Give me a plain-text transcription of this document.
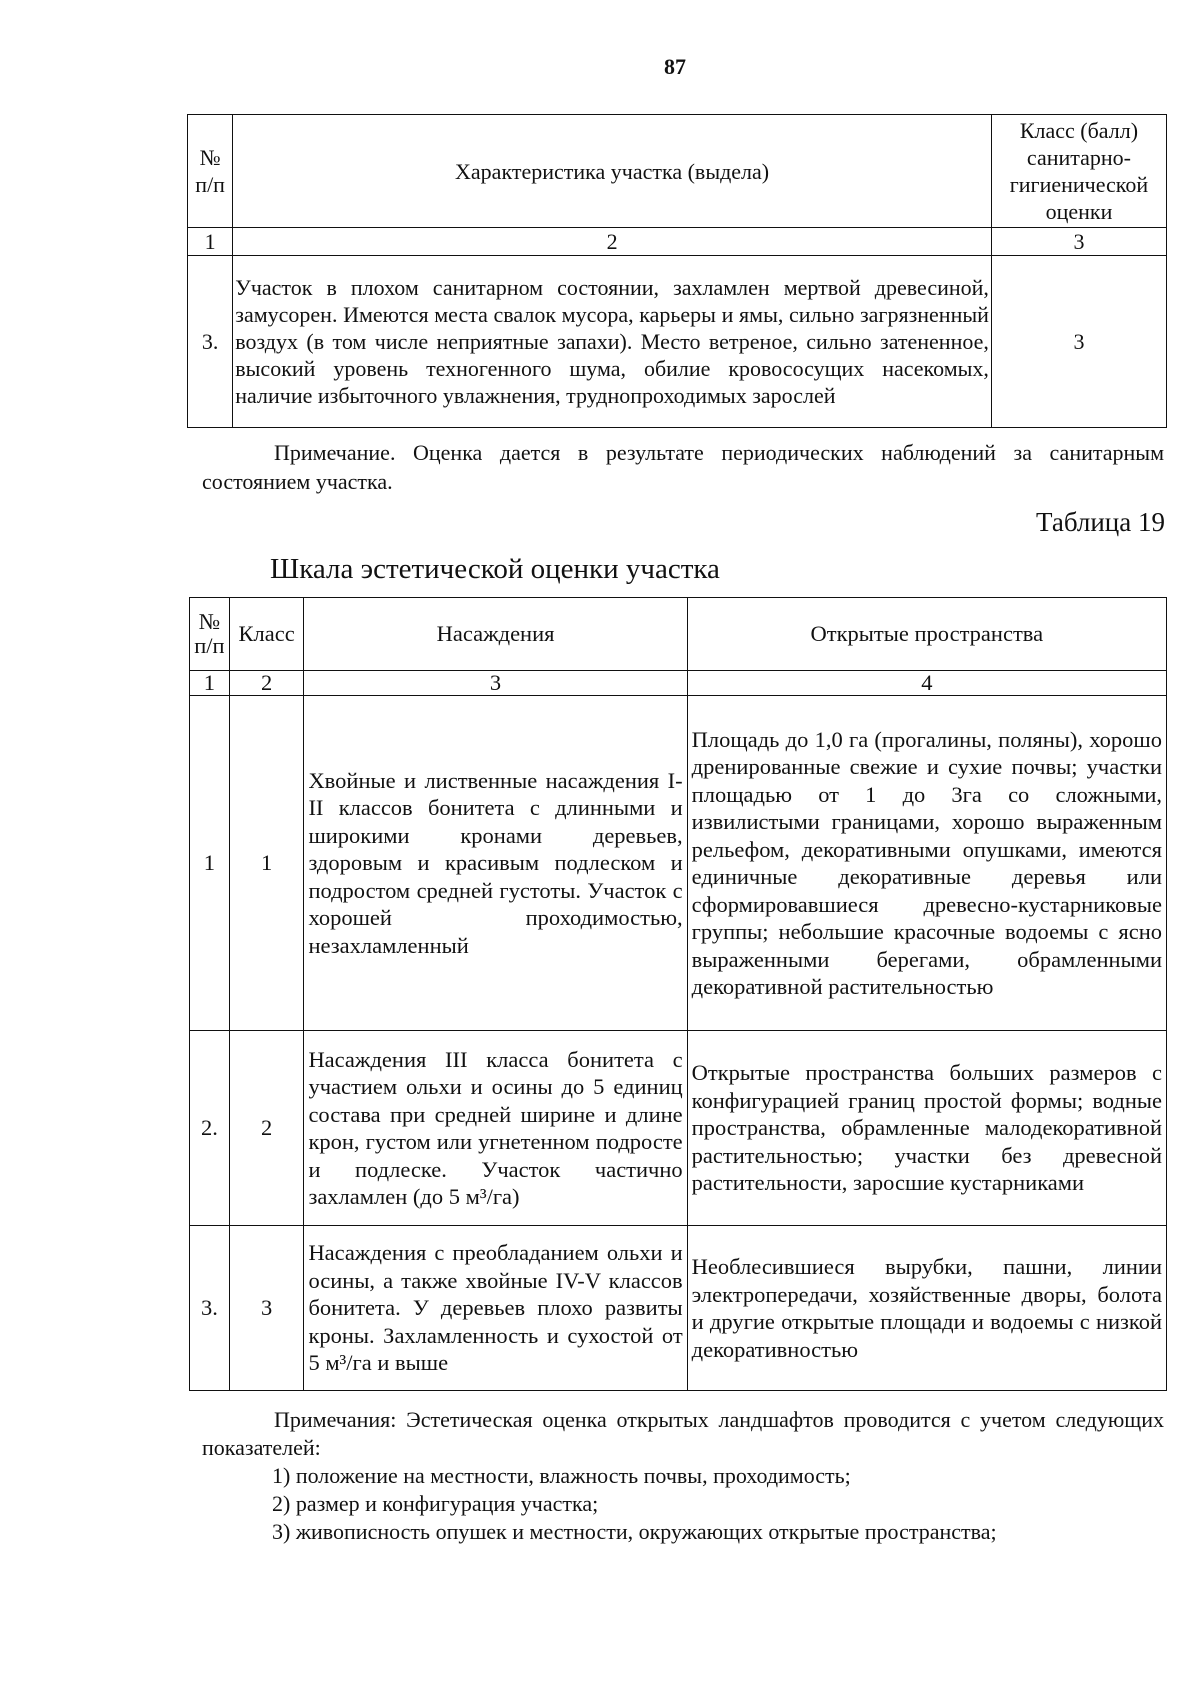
87
№ п/п	Характеристика участка (выдела)	Класс (балл) санитарно-гигиенической оценки
1	2	3
3.	Участок в плохом санитарном состоянии, захламлен мертвой древесиной, замусорен. Имеются места свалок мусора, карьеры и ямы, сильно загрязненный воздух (в том числе неприятные запахи). Место ветреное, сильно затененное, высокий уровень техногенного шума, обилие кровососущих насекомых, наличие избыточного увлажнения, труднопроходимых зарослей	3
Примечание. Оценка дается в результате периодических наблюдений за санитарным состоянием участка.
Таблица 19
Шкала эстетической оценки участка
№ п/п	Класс	Насаждения	Открытые пространства
1	2	3	4
1	1	Хвойные и лиственные насаждения I-II классов бонитета с длинными и широкими кронами деревьев, здоровым и красивым подлеском и подростом средней густоты. Участок с хорошей проходимостью, незахламленный	Площадь до 1,0 га (прогалины, поляны), хорошо дренированные свежие и сухие почвы; участки площадью от 1 до 3га со сложными, извилистыми границами, хорошо выраженным рельефом, декоративными опушками, имеются единичные декоративные деревья или сформировавшиеся древесно-кустарниковые группы; небольшие красочные водоемы с ясно выраженными берегами, обрамленными декоративной растительностью
2.	2	Насаждения III класса бонитета с участием ольхи и осины до 5 единиц состава при средней ширине и длине крон, густом или угнетенном подросте и подлеске. Участок частично захламлен (до 5 м³/га)	Открытые пространства больших размеров с конфигурацией границ простой формы; водные пространства, обрамленные малодекоративной растительностью; участки без древесной растительности, заросшие кустарниками
3.	3	Насаждения с преобладанием ольхи и осины, а также хвойные IV-V классов бонитета. У деревьев плохо развиты кроны. Захламленность и сухостой от 5 м³/га и выше	Необлесившиеся вырубки, пашни, линии электропередачи, хозяйственные дворы, болота и другие открытые площади и водоемы с низкой декоративностью
Примечания: Эстетическая оценка открытых ландшафтов проводится с учетом следующих показателей:
1) положение на местности, влажность почвы, проходимость;
2) размер и конфигурация участка;
3) живописность опушек и местности, окружающих открытые пространства;
